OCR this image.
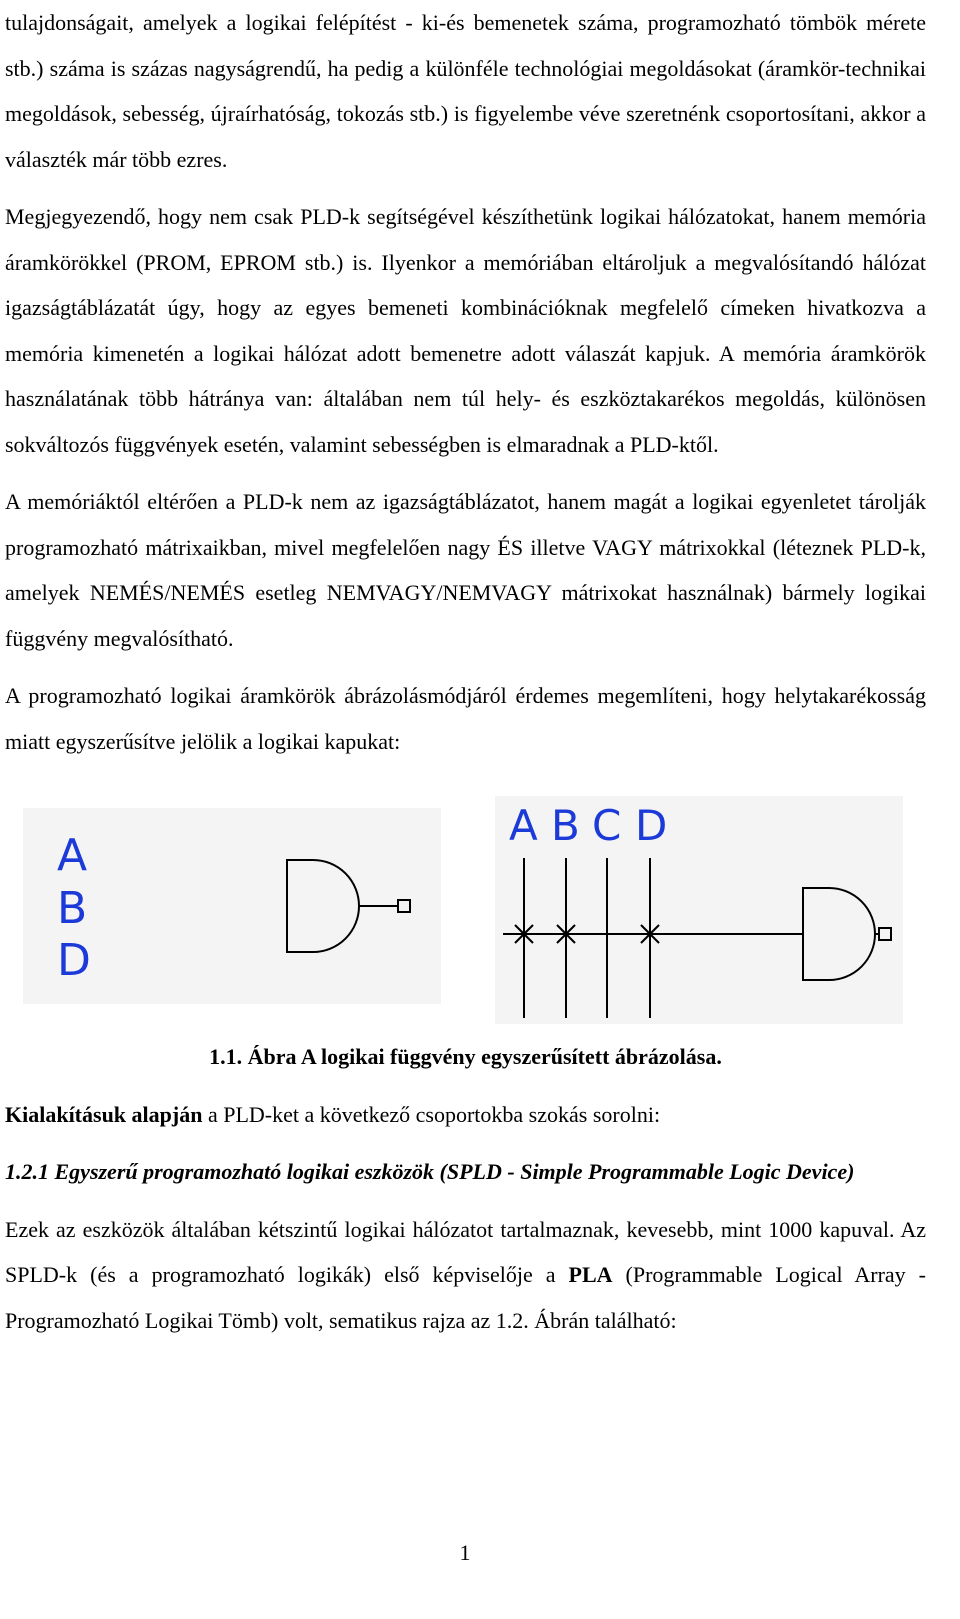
tulajdonságait, amelyek a logikai felépítést - ki-és bemenetek száma, programozható tömbök mérete stb.) száma is százas nagyságrendű, ha pedig a különféle technológiai megoldásokat (áramkör-technikai megoldások, sebesség, újraírhatóság, tokozás stb.) is figyelembe véve szeretnénk csoportosítani, akkor a választék már több ezres.

Megjegyezendő, hogy nem csak PLD-k segítségével készíthetünk logikai hálózatokat, hanem memória áramkörökkel (PROM, EPROM stb.) is. Ilyenkor a memóriában eltároljuk a megvalósítandó hálózat igazságtáblázatát úgy, hogy az egyes bemeneti kombinációknak megfelelő címeken hivatkozva a memória kimenetén a logikai hálózat adott bemenetre adott válaszát kapjuk. A memória áramkörök használatának több hátránya van: általában nem túl hely- és eszköztakarékos megoldás, különösen sokváltozós függvények esetén, valamint sebességben is elmaradnak a PLD-ktől.

A memóriáktól eltérően a PLD-k nem az igazságtáblázatot, hanem magát a logikai egyenletet tárolják programozható mátrixaikban, mivel megfelelően nagy ÉS illetve VAGY mátrixokkal (léteznek PLD-k, amelyek NEMÉS/NEMÉS esetleg NEMVAGY/NEMVAGY mátrixokat használnak) bármely logikai függvény megvalósítható.

A programozható logikai áramkörök ábrázolásmódjáról érdemes megemlíteni, hogy helytakarékosság miatt egyszerűsítve jelölik a logikai kapukat:

A
B
D
A B C D

1.1. Ábra A logikai függvény egyszerűsített ábrázolása.

Kialakításuk alapján a PLD-ket a következő csoportokba szokás sorolni:

1.2.1 Egyszerű programozható logikai eszközök (SPLD - Simple Programmable Logic Device)

Ezek az eszközök általában kétszintű logikai hálózatot tartalmaznak, kevesebb, mint 1000 kapuval. Az SPLD-k (és a programozható logikák) első képviselője a PLA (Programmable Logical Array - Programozható Logikai Tömb) volt, sematikus rajza az 1.2. Ábrán található:

1
